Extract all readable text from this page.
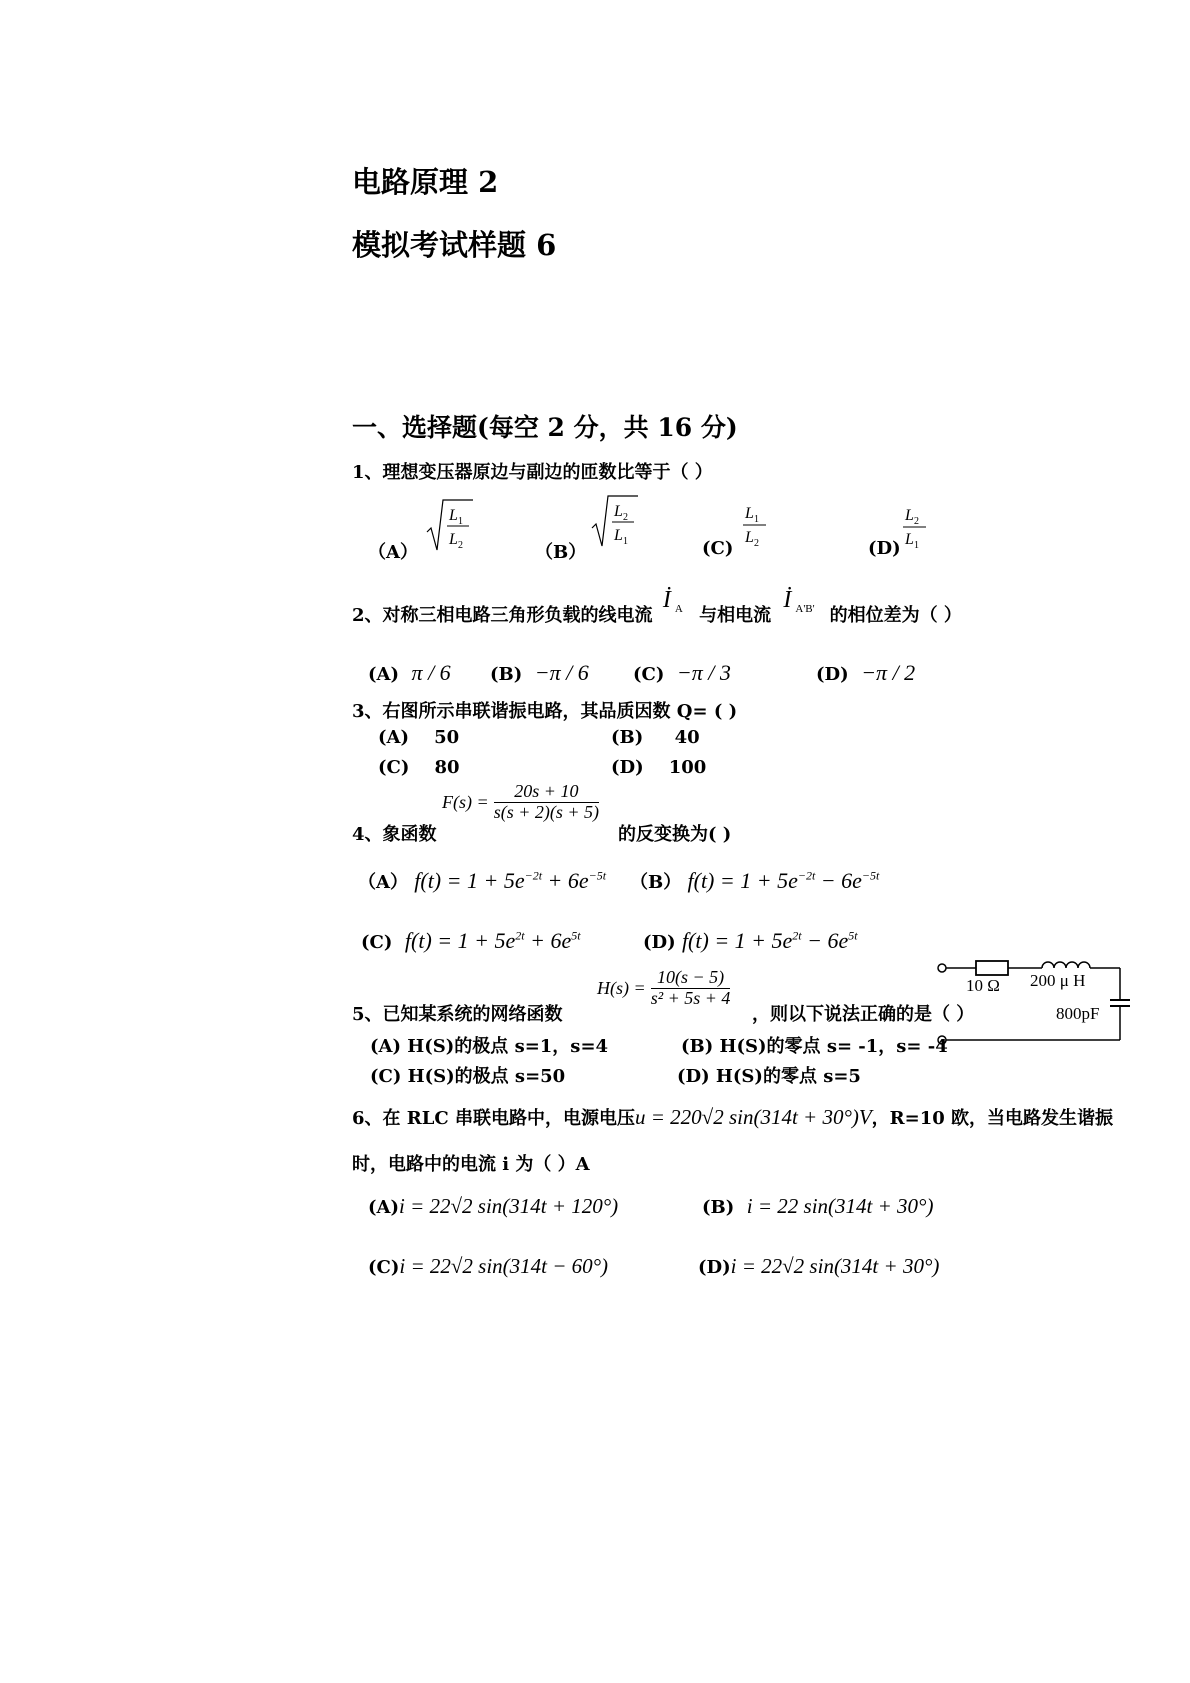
电路原理 2
模拟考试样题 6
一、选择题(每空 2 分，共 16 分)
1、理想变压器原边与副边的匝数比等于（ ）
（A）
L 1
L 2	（B）
L 2
L 1	(C)
L 1
L 2	(D)
L 2
L 1
2、对称三相电路三角形负载的线电流
İ A 与相电流
İ A'B' 的相位差为（ ）
(A) π / 6 (B) −π / 6 (C) −π / 3	(D) −π / 2
3、右图所示串联谐振电路，其品质因数 Q= ( )
(A) 50	(B) 40
(C) 80	(D) 100
$F(s) = \frac{20s + 10}{s(s + 2)(s + 5)}$
4、象函数	的反变换为( )
（A） $f(t) = 1 + 5e^{-2t} + 6e^{-5t}$ （B） $f(t) = 1 + 5e^{-2t} - 6e^{-5t}$
(C) $f(t) = 1 + 5e^{2t} + 6e^{5t}$	(D) $f(t) = 1 + 5e^{2t} - 6e^{5t}$
$H(s) = \frac{10(s - 5)}{\text{s² + 5s + 4}}$
5、已知某系统的网络函数	，则以下说法正确的是（ ）
(A) H(S)的极点 s=1，s=4	(B) H(S)的零点 s= -1，s= -4
(C) H(S)的极点 s=50	(D) H(S)的零点 s=5
10 Ω 200 μ H
800pF
6、在 RLC 串联电路中，电源电压u = 220√2 sin(314t + 30°)V，R=10 欧，当电路发生谐振
时，电路中的电流 i 为（ ）A
(A)i = 22√2 sin(314t + 120°)	(B) i = 22 sin(314t + 30°)
(C)i = 22√2 sin(314t − 60°)	(D)i = 22√2 sin(314t + 30°)
